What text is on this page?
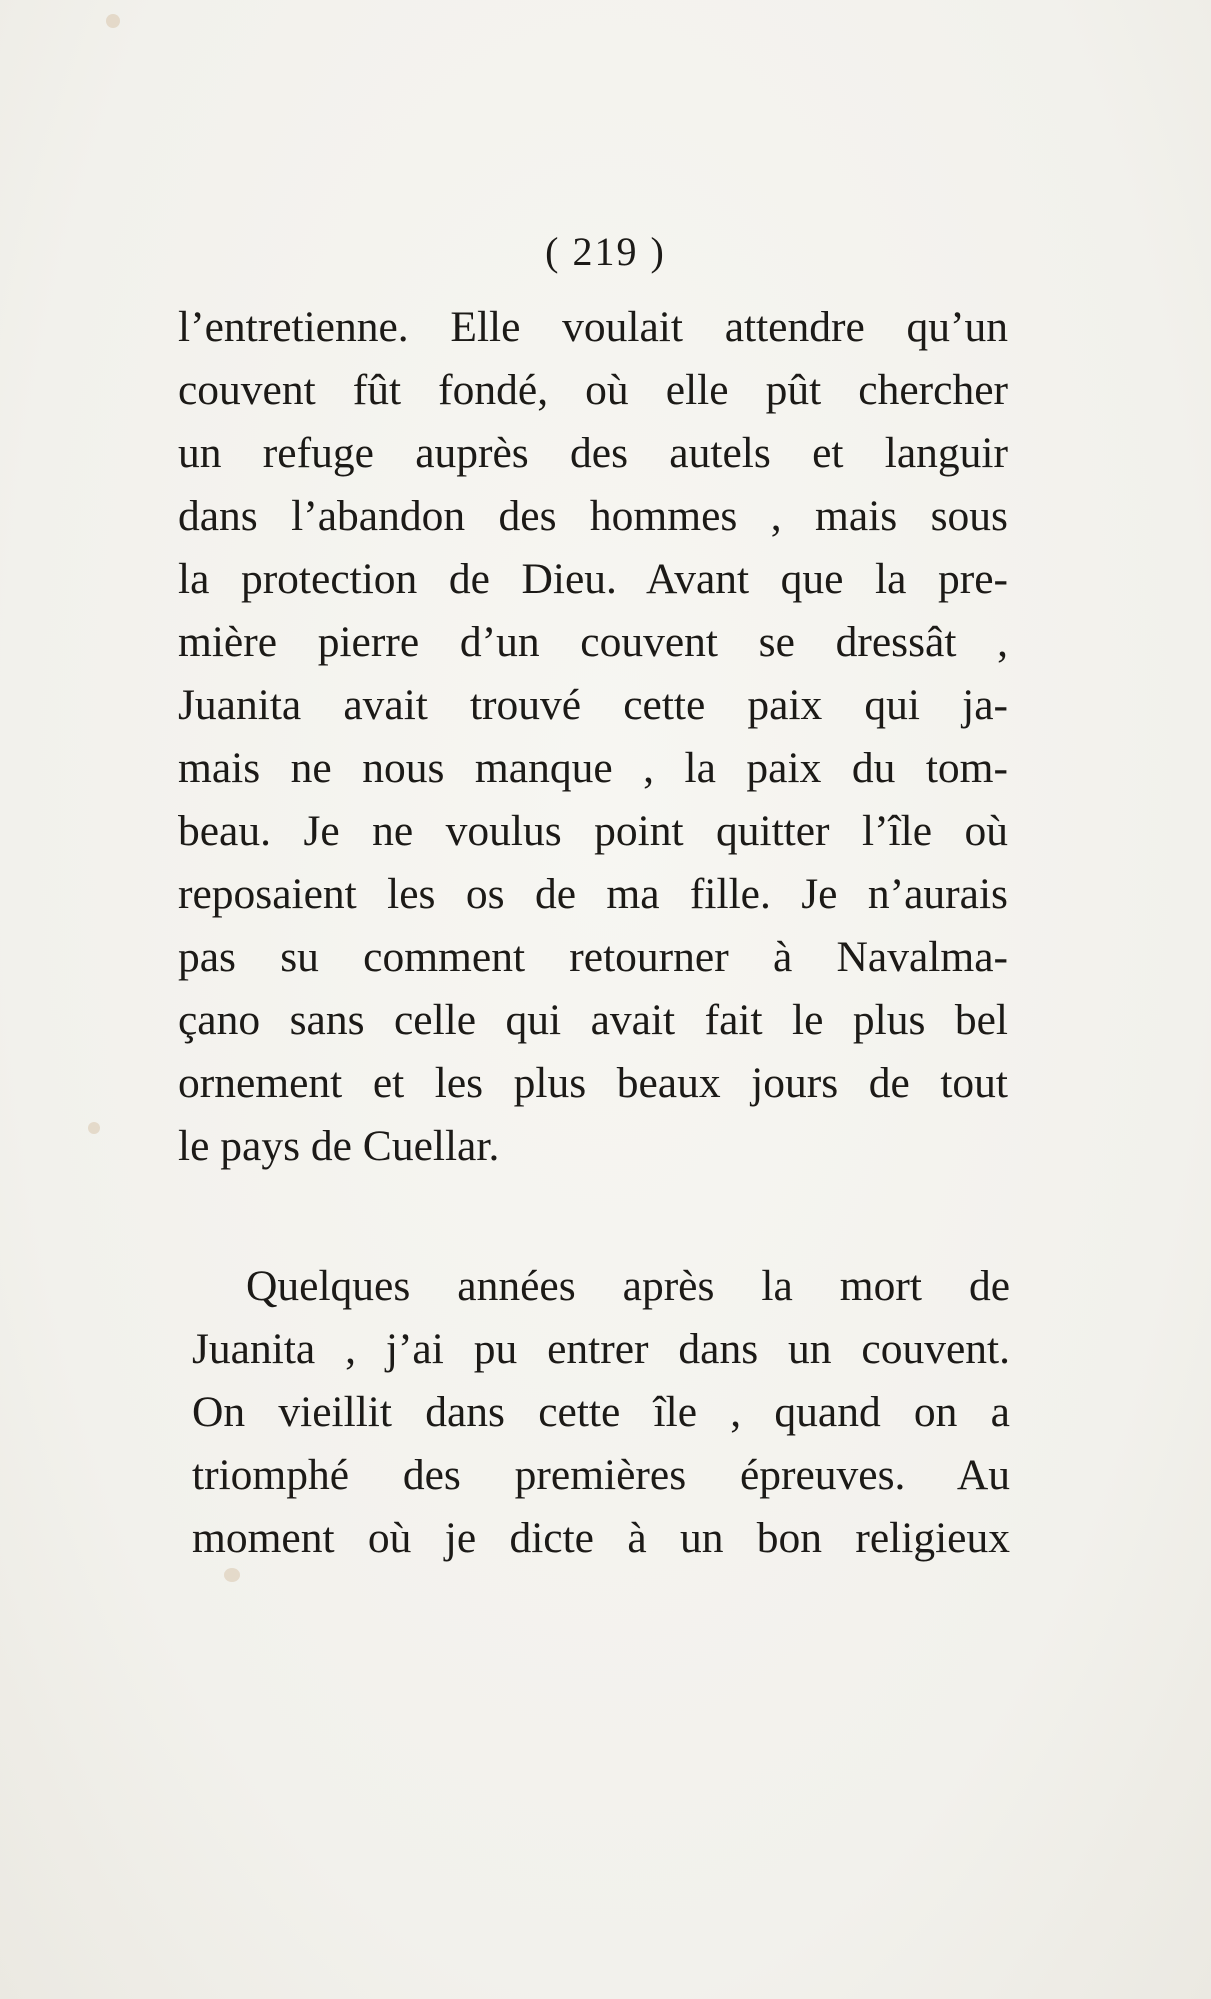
( 219 )
l’entretienne. Elle voulait attendre qu’un
couvent fût fondé, où elle pût chercher
un refuge auprès des autels et languir
dans l’abandon des hommes , mais sous
la protection de Dieu. Avant que la pre-
mière pierre d’un couvent se dressât ,
Juanita avait trouvé cette paix qui ja-
mais ne nous manque , la paix du tom-
beau. Je ne voulus point quitter l’île où
reposaient les os de ma fille. Je n’aurais
pas su comment retourner à Navalma-
çano sans celle qui avait fait le plus bel
ornement et les plus beaux jours de tout
le pays de Cuellar.
Quelques années après la mort de
Juanita , j’ai pu entrer dans un couvent.
On vieillit dans cette île , quand on a
triomphé des premières épreuves. Au
moment où je dicte à un bon religieux
